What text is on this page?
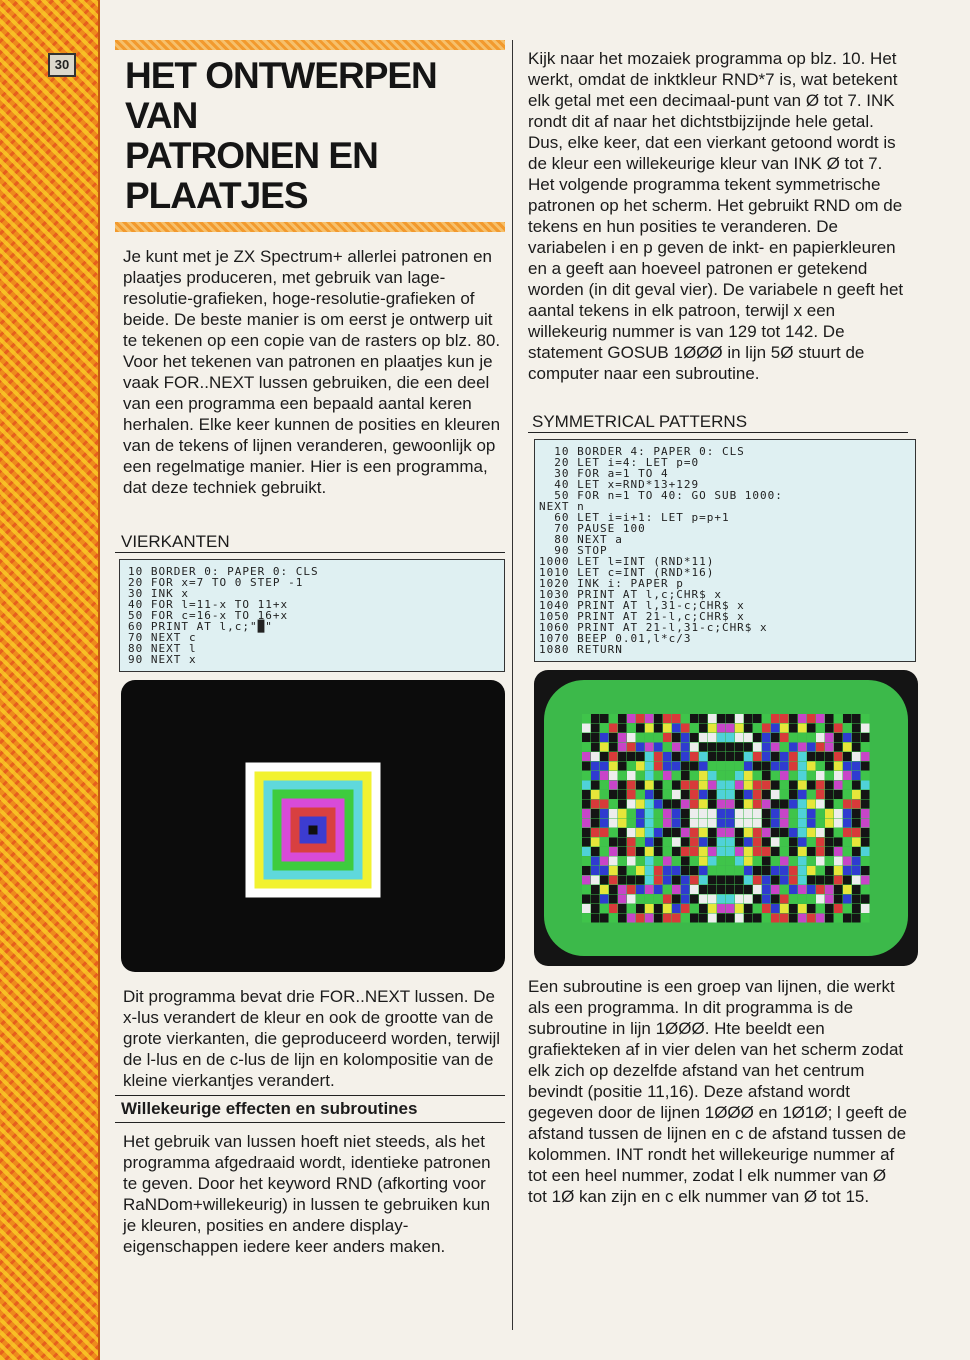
30 HET ONTWERPEN VAN
PATRONEN EN PLAATJES

Je kunt met je ZX Spectrum+ allerlei patronen en plaatjes produceren, met gebruik van lage-resolutie-grafieken, hoge-resolutie-grafieken of beide. De beste manier is om eerst je ontwerp uit te tekenen op een copie van de rasters op blz. 80. Voor het tekenen van patronen en plaatjes kun je vaak FOR..NEXT lussen gebruiken, die een deel van een programma een bepaald aantal keren herhalen. Elke keer kunnen de posities en kleuren van de tekens of lijnen veranderen, gewoonlijk op een regelmatige manier. Hier is een programma, dat deze techniek gebruikt.

VIERKANTEN
10 BORDER 0: PAPER 0: CLS
20 FOR x=7 TO 0 STEP -1
30 INK x
40 FOR l=11-x TO 11+x
50 FOR c=16-x TO 16+x
60 PRINT AT l,c;"█"
70 NEXT c
80 NEXT l
90 NEXT x

Dit programma bevat drie FOR..NEXT lussen. De x-lus verandert de kleur en ook de grootte van de grote vierkanten, die geproduceerd worden, terwijl de l-lus en de c-lus de lijn en kolompositie van de kleine vierkantjes verandert.

Willekeurige effecten en subroutines

Het gebruik van lussen hoeft niet steeds, als het programma afgedraaid wordt, identieke patronen te geven. Door het keyword RND (afkorting voor RaNDom+willekeurig) in lussen te gebruiken kun je kleuren, posities en andere display-eigenschappen iedere keer anders maken.

Kijk naar het mozaiek programma op blz. 10. Het werkt, omdat de inktkleur RND*7 is, wat betekent elk getal met een decimaal-punt van Ø tot 7. INK rondt dit af naar het dichtstbijzijnde hele getal. Dus, elke keer, dat een vierkant getoond wordt is de kleur een willekeurige kleur van INK Ø tot 7. Het volgende programma tekent symmetrische patronen op het scherm. Het gebruikt RND om de tekens en hun posities te veranderen. De variabelen i en p geven de inkt- en papierkleuren en a geeft aan hoeveel patronen er getekend worden (in dit geval vier). De variabele n geeft het aantal tekens in elk patroon, terwijl x een willekeurig nummer is van 129 tot 142. De statement GOSUB 1ØØØ in lijn 5Ø stuurt de computer naar een subroutine.

SYMMETRICAL PATTERNS
10 BORDER 4: PAPER 0: CLS
20 LET i=4: LET p=0
30 FOR a=1 TO 4
40 LET x=RND*13+129
50 FOR n=1 TO 40: GO SUB 1000:
NEXT n
60 LET i=i+1: LET p=p+1
70 PAUSE 100
80 NEXT a
90 STOP
1000 LET l=INT (RND*11)
1010 LET c=INT (RND*16)
1020 INK i: PAPER p
1030 PRINT AT l,c;CHR$ x
1040 PRINT AT l,31-c;CHR$ x
1050 PRINT AT 21-l,c;CHR$ x
1060 PRINT AT 21-l,31-c;CHR$ x
1070 BEEP 0.01,l*c/3
1080 RETURN

Een subroutine is een groep van lijnen, die werkt als een programma. In dit programma is de subroutine in lijn 1ØØØ. Hte beeldt een grafiekteken af in vier delen van het scherm zodat elk zich op dezelfde afstand van het centrum bevindt (positie 11,16). Deze afstand wordt gegeven door de lijnen 1ØØØ en 1Ø1Ø; l geeft de afstand tussen de lijnen en c de afstand tussen de kolommen. INT rondt het willekeurige nummer af tot een heel nummer, zodat l elk nummer van Ø tot 1Ø kan zijn en c elk nummer van Ø tot 15.
